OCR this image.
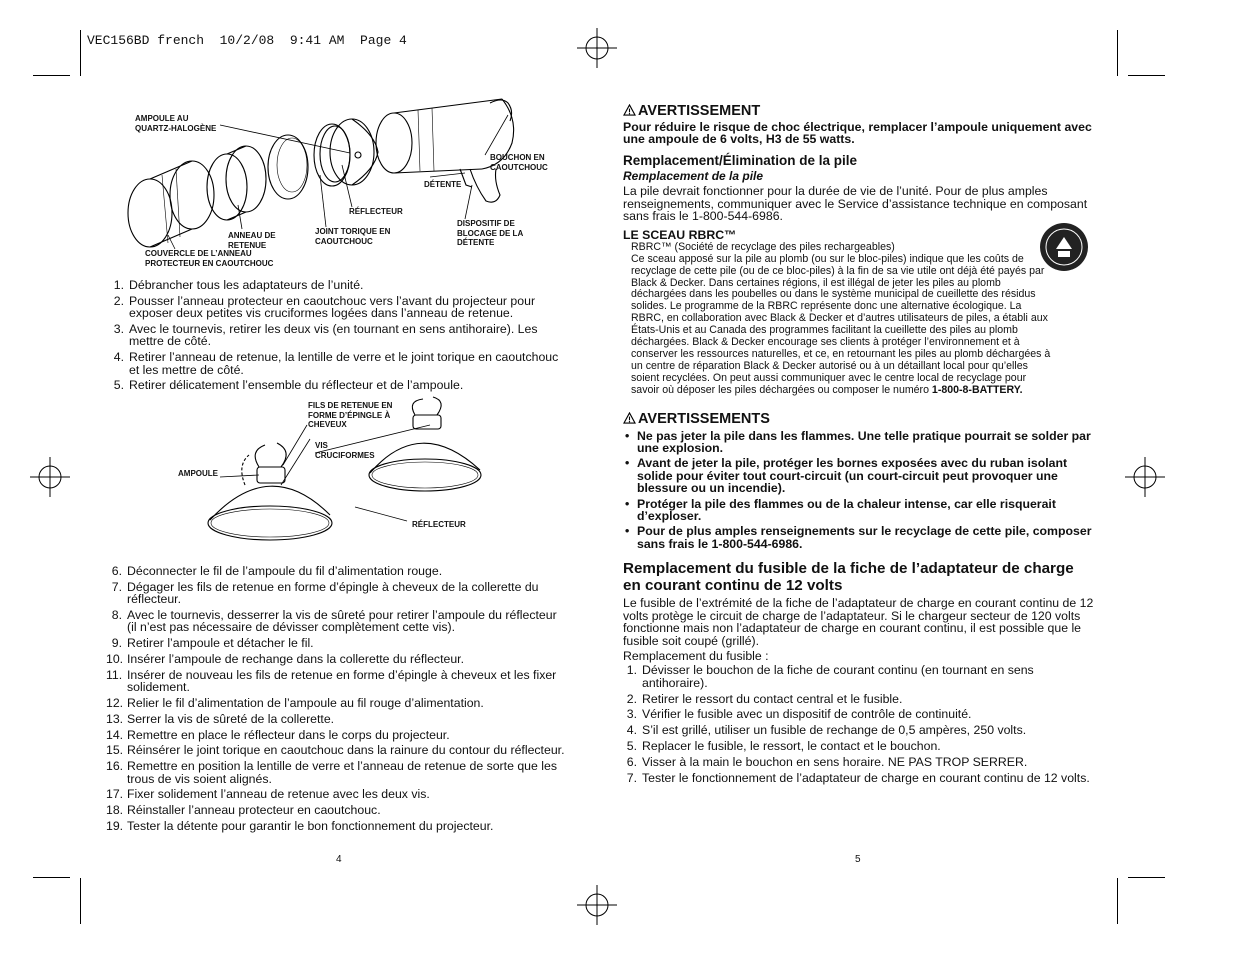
VEC156BD french  10/2/08  9:41 AM  Page 4
AMPOULE AU
QUARTZ-HALOGÈNE
BOUCHON EN
CAOUTCHOUC
DÉTENTE
RÉFLECTEUR
DISPOSITIF DE
BLOCAGE DE LA
DÉTENTE
JOINT TORIQUE EN
CAOUTCHOUC
ANNEAU DE
RETENUE
COUVERCLE DE L’ANNEAU
PROTECTEUR EN CAOUTCHOUC
1. Débrancher tous les adaptateurs de l’unité.
2. Pousser l’anneau protecteur en caoutchouc vers l’avant du projecteur pour exposer deux petites vis cruciformes logées dans l’anneau de retenue.
3. Avec le tournevis, retirer les deux vis (en tournant en sens antihoraire). Les mettre de côté.
4. Retirer l’anneau de retenue, la lentille de verre et le joint torique en caoutchouc et les mettre de côté.
5. Retirer délicatement l’ensemble du réflecteur et de l’ampoule.
FILS DE RETENUE EN
FORME D’ÉPINGLE À
CHEVEUX
VIS
CRUCIFORMES
AMPOULE
RÉFLECTEUR
6. Déconnecter le fil de l’ampoule du fil d’alimentation rouge.
7. Dégager les fils de retenue en forme d’épingle à cheveux de la collerette du réflecteur.
8. Avec le tournevis, desserrer la vis de sûreté pour retirer l’ampoule du réflecteur (il n’est pas nécessaire de dévisser complètement cette vis).
9. Retirer l’ampoule et détacher le fil.
10. Insérer l’ampoule de rechange dans la collerette du réflecteur.
11. Insérer de nouveau les fils de retenue en forme d’épingle à cheveux et les fixer solidement.
12. Relier le fil d’alimentation de l’ampoule au fil rouge d’alimentation.
13. Serrer la vis de sûreté de la collerette.
14. Remettre en place le réflecteur dans le corps du projecteur.
15. Réinsérer le joint torique en caoutchouc dans la rainure du contour du réflecteur.
16. Remettre en position la lentille de verre et l’anneau de retenue de sorte que les trous de vis soient alignés.
17. Fixer solidement l’anneau de retenue avec les deux vis.
18. Réinstaller l’anneau protecteur en caoutchouc.
19. Tester la détente pour garantir le bon fonctionnement du projecteur.
4	5
AVERTISSEMENT
Pour réduire le risque de choc électrique, remplacer l’ampoule uniquement avec une ampoule de 6 volts, H3 de 55 watts.
Remplacement/Élimination de la pile
Remplacement de la pile
La pile devrait fonctionner pour la durée de vie de l’unité. Pour de plus amples renseignements, communiquer avec le Service d’assistance technique en composant sans frais le 1-800-544-6986.
LE SCEAU RBRC™
RBRC™ (Société de recyclage des piles rechargeables)
Ce sceau apposé sur la pile au plomb (ou sur le bloc-piles) indique que les coûts de recyclage de cette pile (ou de ce bloc-piles) à la fin de sa vie utile ont déjà été payés par Black & Decker. Dans certaines régions, il est illégal de jeter les piles au plomb déchargées dans les poubelles ou dans le système municipal de cueillette des résidus solides. Le programme de la RBRC représente donc une alternative écologique. La RBRC, en collaboration avec Black & Decker et d’autres utilisateurs de piles, a établi aux États-Unis et au Canada des programmes facilitant la cueillette des piles au plomb déchargées. Black & Decker encourage ses clients à protéger l’environnement et à conserver les ressources naturelles, et ce, en retournant les piles au plomb déchargées à un centre de réparation Black & Decker autorisé ou à un détaillant local pour qu’elles soient recyclées. On peut aussi communiquer avec le centre local de recyclage pour savoir où déposer les piles déchargées ou composer le numéro 1-800-8-BATTERY.
AVERTISSEMENTS
• Ne pas jeter la pile dans les flammes. Une telle pratique pourrait se solder par une explosion.
• Avant de jeter la pile, protéger les bornes exposées avec du ruban isolant solide pour éviter tout court-circuit (un court-circuit peut provoquer une blessure ou un incendie).
• Protéger la pile des flammes ou de la chaleur intense, car elle risquerait d’exploser.
• Pour de plus amples renseignements sur le recyclage de cette pile, composer sans frais le 1-800-544-6986.
Remplacement du fusible de la fiche de l’adaptateur de charge en courant continu de 12 volts
Le fusible de l’extrémité de la fiche de l’adaptateur de charge en courant continu de 12 volts protège le circuit de charge de l’adaptateur. Si le chargeur secteur de 120 volts fonctionne mais non l’adaptateur de charge en courant continu, il est possible que le fusible soit coupé (grillé).
Remplacement du fusible :
1. Dévisser le bouchon de la fiche de courant continu (en tournant en sens antihoraire).
2. Retirer le ressort du contact central et le fusible.
3. Vérifier le fusible avec un dispositif de contrôle de continuité.
4. S’il est grillé, utiliser un fusible de rechange de 0,5 ampères, 250 volts.
5. Replacer le fusible, le ressort, le contact et le bouchon.
6. Visser à la main le bouchon en sens horaire. NE PAS TROP SERRER.
7. Tester le fonctionnement de l’adaptateur de charge en courant continu de 12 volts.
